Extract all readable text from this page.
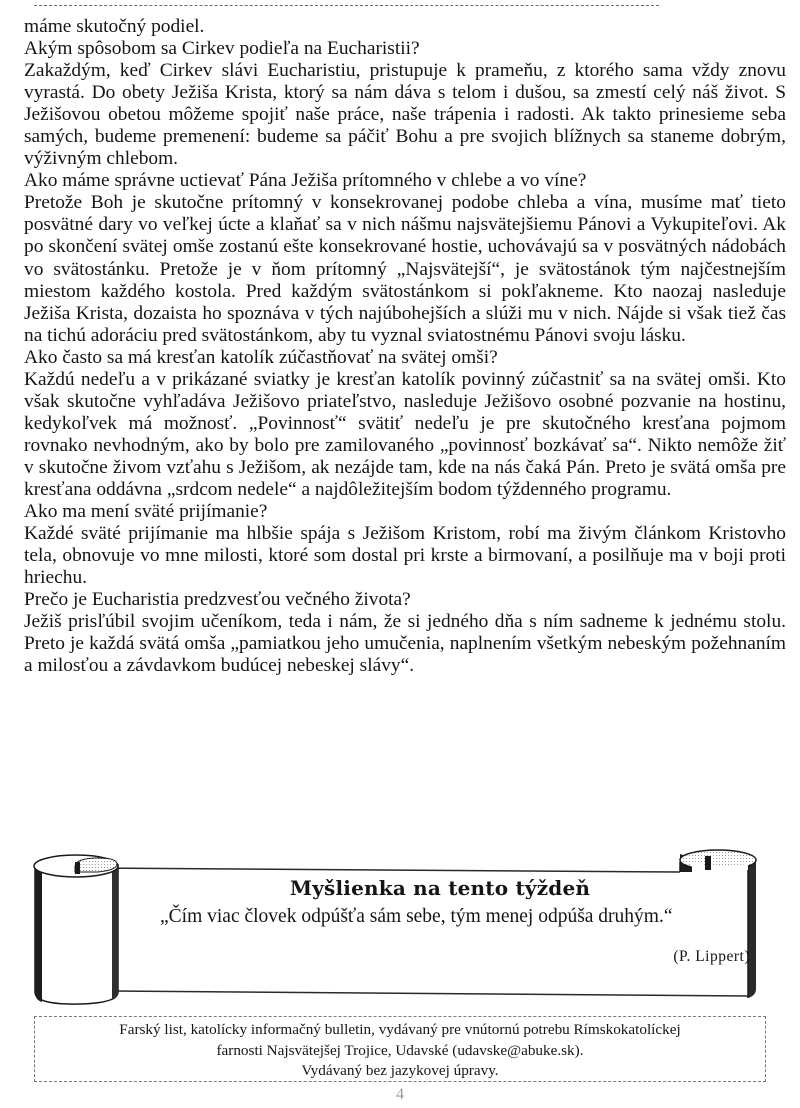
máme skutočný podiel.

Akým spôsobom sa Cirkev podieľa na Eucharistii?

Zakaždým, keď Cirkev slávi Eucharistiu, pristupuje k prameňu, z ktorého sama vždy znovu vyrastá. Do obety Ježiša Krista, ktorý sa nám dáva s telom i dušou, sa zmestí celý náš život. S Ježišovou obetou môžeme spojiť naše práce, naše trápenia i radosti. Ak takto prinesieme seba samých, budeme premenení: budeme sa páčiť Bohu a pre svojich blížnych sa staneme dobrým, výživným chlebom.

Ako máme správne uctievať Pána Ježiša prítomného v chlebe a vo víne?

Pretože Boh je skutočne prítomný v konsekrovanej podobe chleba a vína, musíme mať tieto posvätné dary vo veľkej úcte a klaňať sa v nich nášmu najsvätejšiemu Pánovi a Vykupiteľovi. Ak po skončení svätej omše zostanú ešte konsekrované hostie, uchovávajú sa v posvätných nádobách vo svätostánku. Pretože je v ňom prítomný „Najsvätejší“, je svätostánok tým najčestnejším miestom každého kostola. Pred každým svätostánkom si pokľakneme. Kto naozaj nasleduje Ježiša Krista, dozaista ho spoznáva v tých najúbohejších a slúži mu v nich. Nájde si však tiež čas na tichú adoráciu pred svätostánkom, aby tu vyznal sviatostnému Pánovi svoju lásku.

Ako často sa má kresťan katolík zúčastňovať na svätej omši?

Každú nedeľu a v prikázané sviatky je kresťan katolík povinný zúčastniť sa na svätej omši. Kto však skutočne vyhľadáva Ježišovo priateľstvo, nasleduje Ježišovo osobné pozvanie na hostinu, kedykoľvek má možnosť. „Povinnosť“ svätiť nedeľu je pre skutočného kresťana pojmom rovnako nevhodným, ako by bolo pre zamilovaného „povinnosť bozkávať sa“. Nikto nemôže žiť v skutočne živom vzťahu s Ježišom, ak nezájde tam, kde na nás čaká Pán. Preto je svätá omša pre kresťana oddávna „srdcom nedele“ a najdôležitejším bodom týždenného programu.

Ako ma mení sväté prijímanie?

Každé sväté prijímanie ma hlbšie spája s Ježišom Kristom, robí ma živým článkom Kristovho tela, obnovuje vo mne milosti, ktoré som dostal pri krste a birmovaní, a posilňuje ma v boji proti hriechu.

Prečo je Eucharistia predzvesťou večného života?

Ježiš prisľúbil svojim učeníkom, teda i nám, že si jedného dňa s ním sadneme k jednému stolu. Preto je každá svätá omša „pamiatkou jeho umučenia, naplnením všetkým nebeským požehnaním a milosťou a závdavkom budúcej nebeskej slávy“.

Myšlienka na tento týždeň
„Čím viac človek odpúšťa sám sebe, tým menej odpúša druhým.“
(P. Lippert)
Farský list, katolícky informačný bulletin, vydávaný pre vnútornú potrebu Rímskokatolíckej
farnosti Najsvätejšej Trojice, Udavské (udavske@abuke.sk).
Vydávaný bez jazykovej úpravy.
4
